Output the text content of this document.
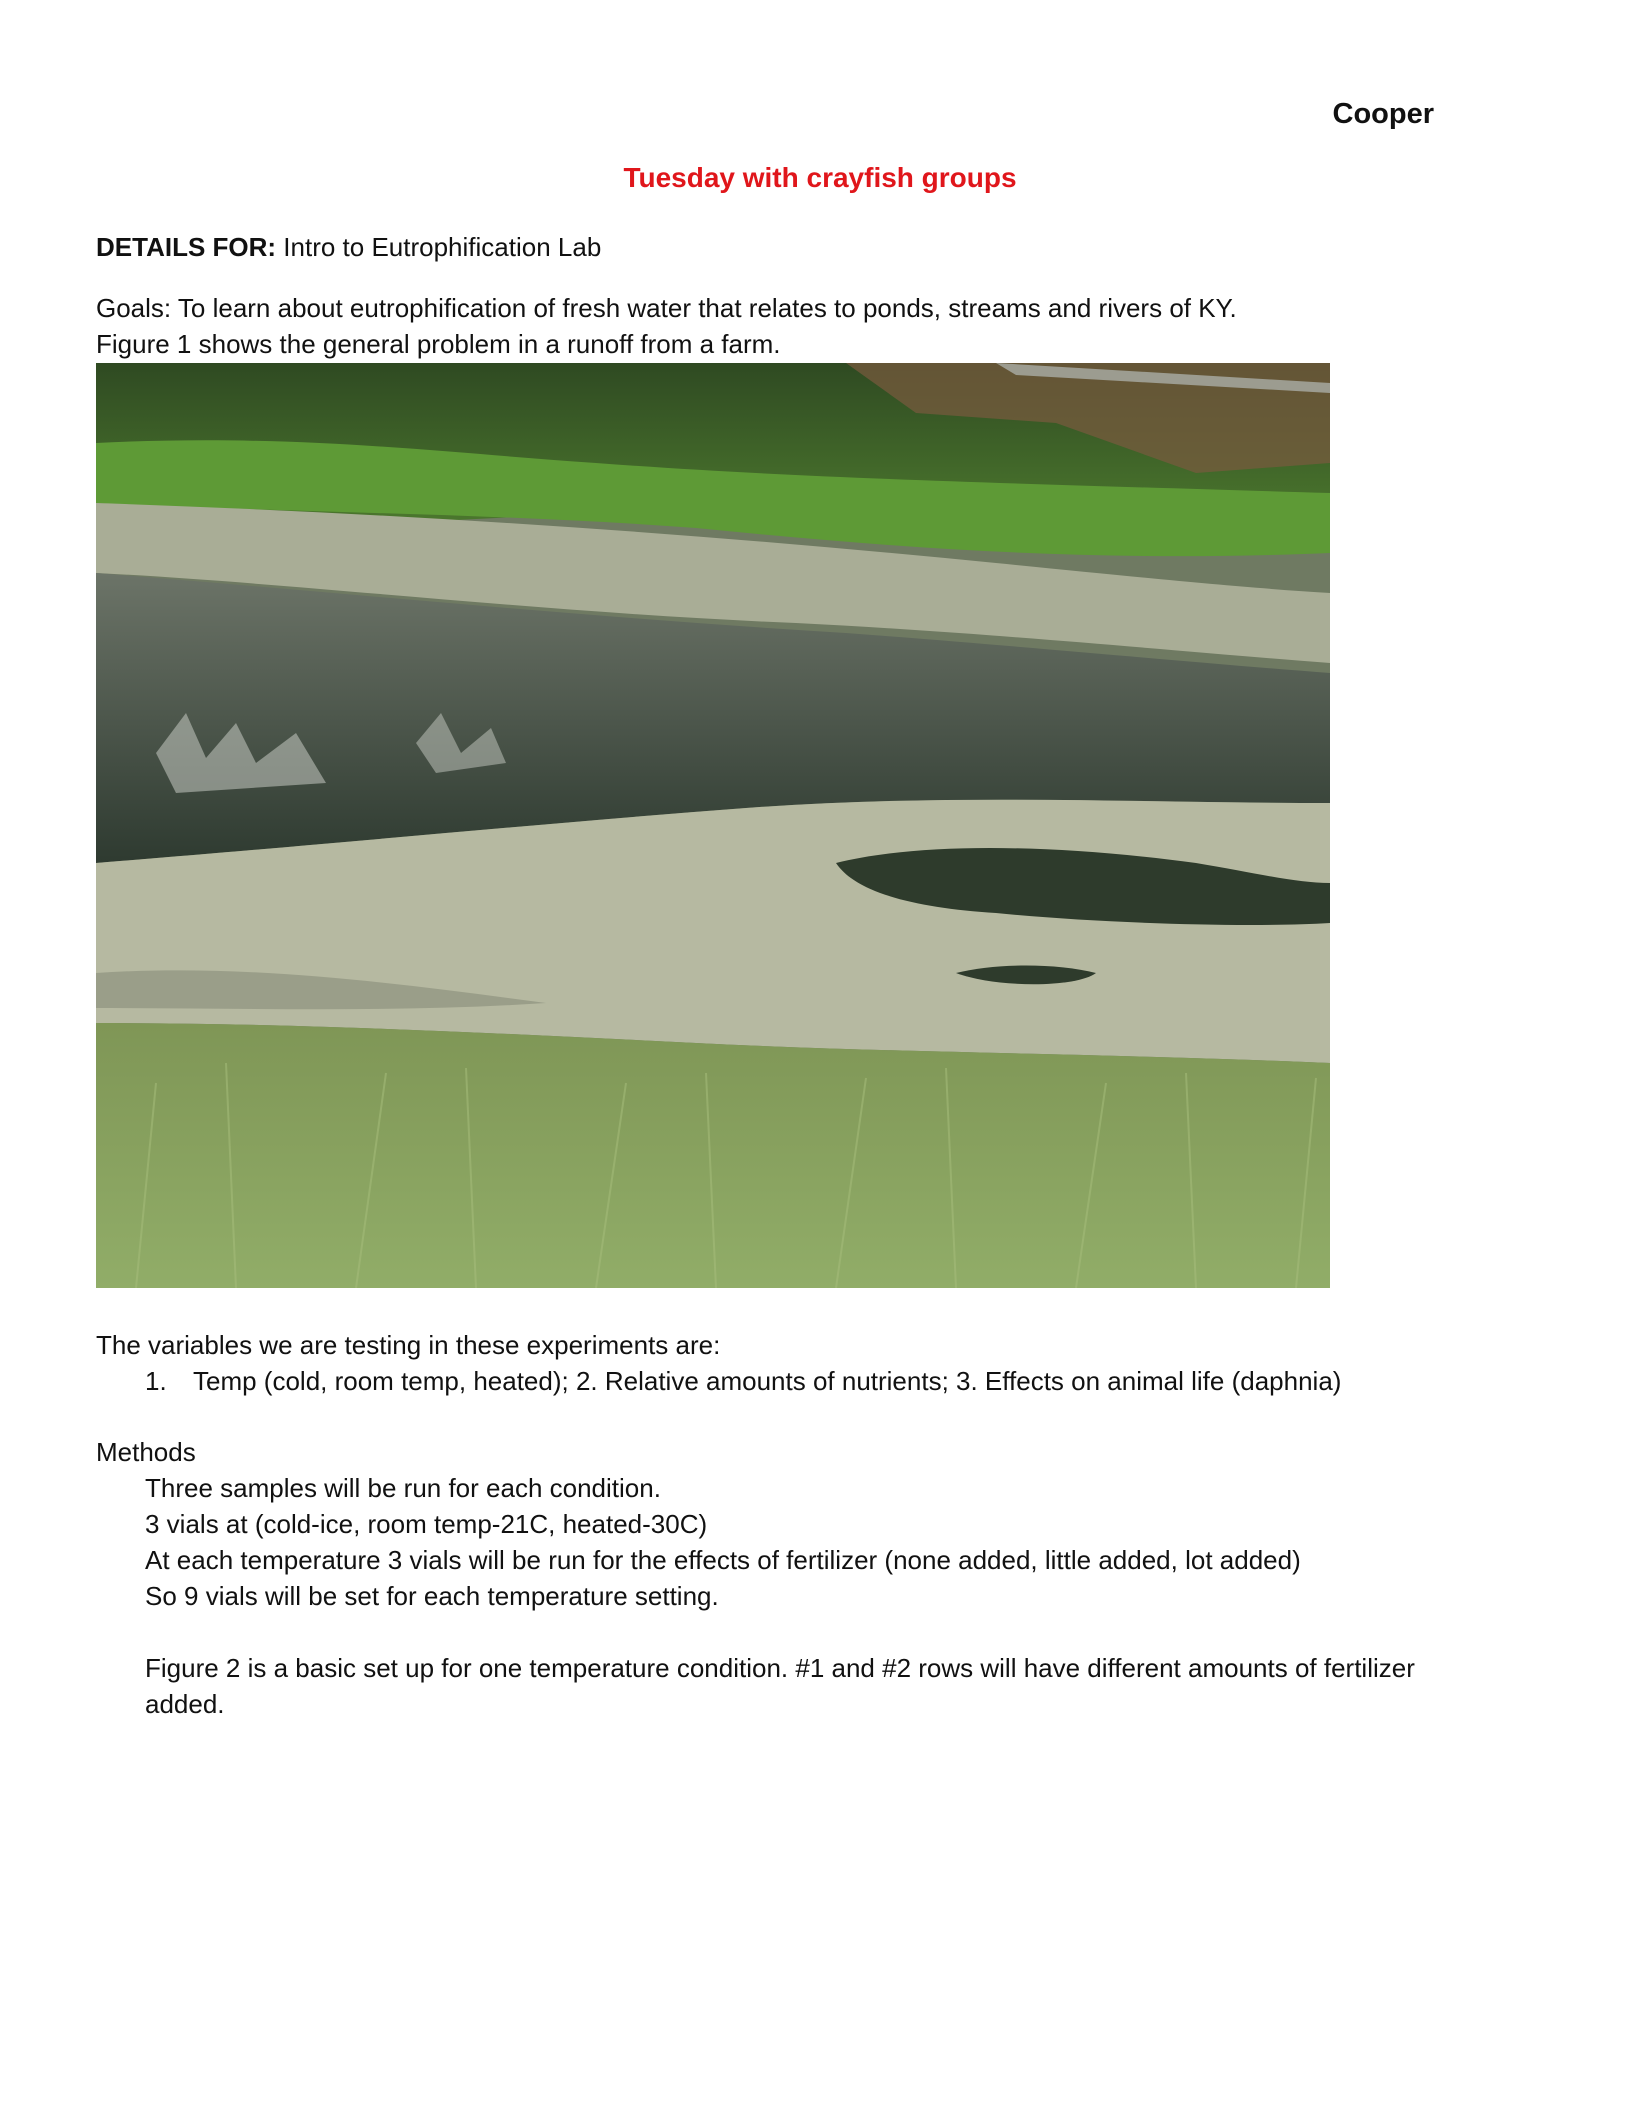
Cooper
Tuesday with crayfish groups
DETAILS FOR: Intro to Eutrophification Lab
Goals: To learn about eutrophification of fresh water that relates to ponds, streams and rivers of KY.
Figure 1 shows the general problem in a runoff from a farm.
The variables we are testing in these experiments are:
1. Temp (cold, room temp, heated); 2. Relative amounts of nutrients; 3. Effects on animal life (daphnia)
Methods
Three samples will be run for each condition.
3 vials at (cold-ice, room temp-21C, heated-30C)
At each temperature 3 vials will be run for the effects of fertilizer (none added, little added, lot added)
So 9 vials will be set for each temperature setting.
Figure 2 is a basic set up for one temperature condition. #1 and #2 rows will have different amounts of fertilizer
added.
